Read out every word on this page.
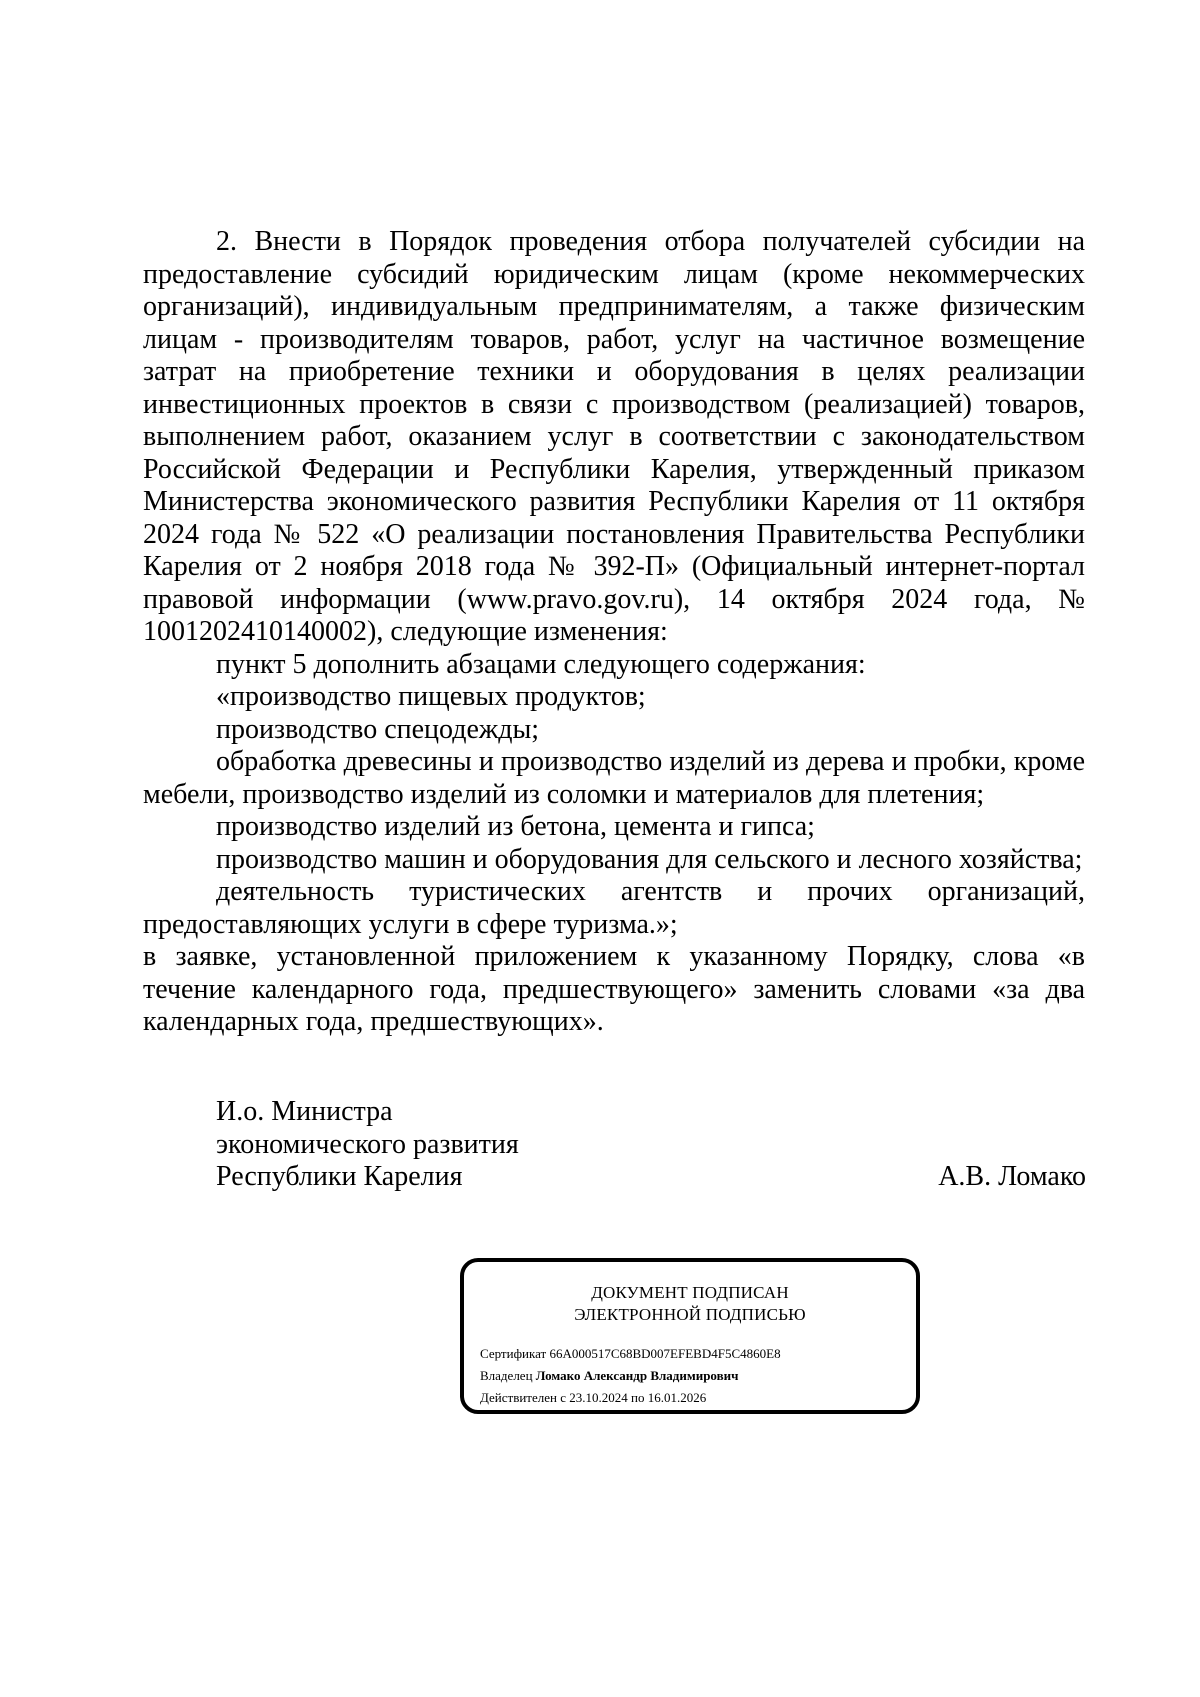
2. Внести в Порядок проведения отбора получателей субсидии на предоставление субсидий юридическим лицам (кроме некоммерческих организаций), индивидуальным предпринимателям, а также физическим лицам - производителям товаров, работ, услуг на частичное возмещение затрат на приобретение техники и оборудования в целях реализации инвестиционных проектов в связи с производством (реализацией) товаров, выполнением работ, оказанием услуг в соответствии с законодательством Российской Федерации и Республики Карелия, утвержденный приказом Министерства экономического развития Республики Карелия от 11 октября 2024 года № 522 «О реализации постановления Правительства Республики Карелия от 2 ноября 2018 года № 392-П» (Официальный интернет-портал правовой информации (www.pravo.gov.ru), 14 октября 2024 года, № 1001202410140002), следующие изменения:

пункт 5 дополнить абзацами следующего содержания:

«производство пищевых продуктов;

производство спецодежды;

обработка древесины и производство изделий из дерева и пробки, кроме мебели, производство изделий из соломки и материалов для плетения;

производство изделий из бетона, цемента и гипса;

производство машин и оборудования для сельского и лесного хозяйства;

деятельность туристических агентств и прочих организаций, предоставляющих услуги в сфере туризма.»;

в заявке, установленной приложением к указанному Порядку, слова «в течение календарного года, предшествующего» заменить словами «за два календарных года, предшествующих».

И.о. Министра
экономического развития
Республики Карелия	А.В. Ломако
ДОКУМЕНТ ПОДПИСАН
ЭЛЕКТРОННОЙ ПОДПИСЬЮ
Сертификат 66A000517C68BD007EFEBD4F5C4860E8
Владелец Ломако Александр Владимирович
Действителен с 23.10.2024 по 16.01.2026
